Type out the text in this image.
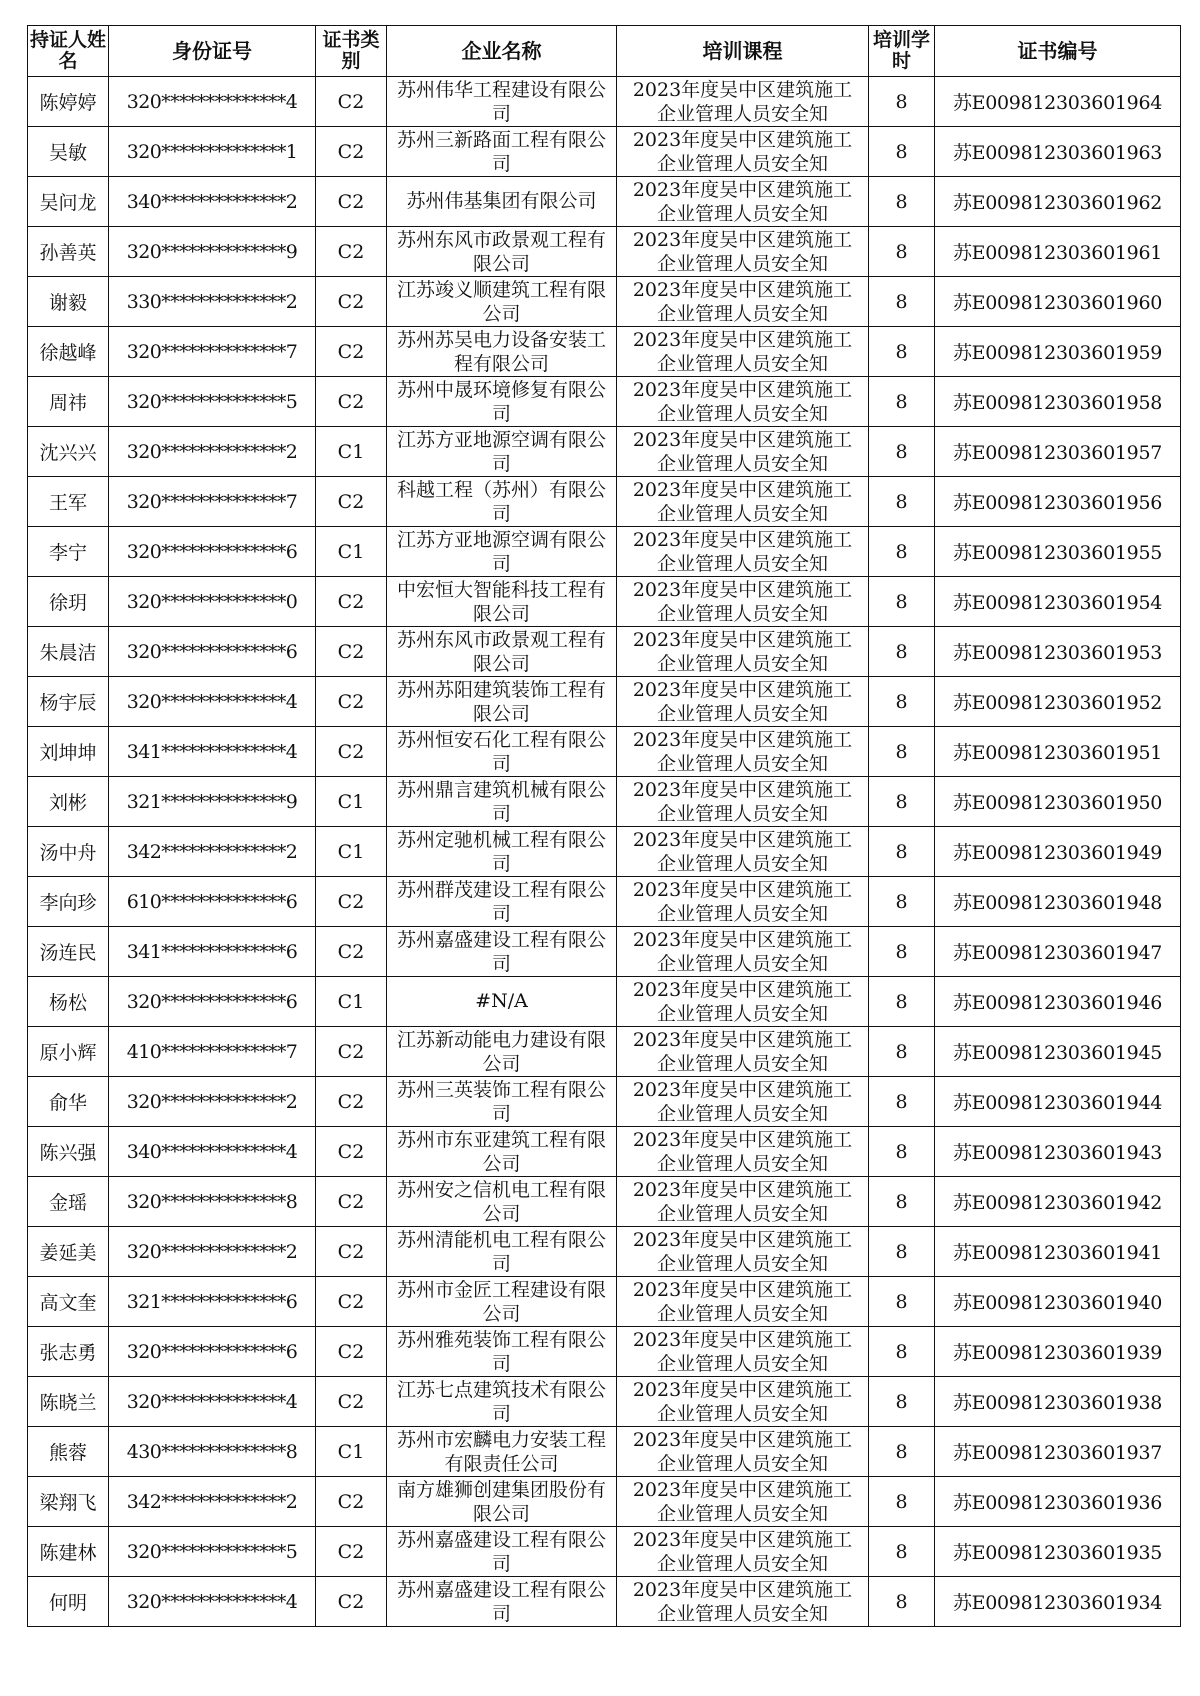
持证人姓名	身份证号	证书类别	企业名称	培训课程	培训学时	证书编号
陈婷婷	320**************4	C2	苏州伟华工程建设有限公司	2023年度吴中区建筑施工企业管理人员安全知	8	苏E009812303601964
吴敏	320**************1	C2	苏州三新路面工程有限公司	2023年度吴中区建筑施工企业管理人员安全知	8	苏E009812303601963
吴问龙	340**************2	C2	苏州伟基集团有限公司	2023年度吴中区建筑施工企业管理人员安全知	8	苏E009812303601962
孙善英	320**************9	C2	苏州东风市政景观工程有限公司	2023年度吴中区建筑施工企业管理人员安全知	8	苏E009812303601961
谢毅	330**************2	C2	江苏竣义顺建筑工程有限公司	2023年度吴中区建筑施工企业管理人员安全知	8	苏E009812303601960
徐越峰	320**************7	C2	苏州苏吴电力设备安装工程有限公司	2023年度吴中区建筑施工企业管理人员安全知	8	苏E009812303601959
周祎	320**************5	C2	苏州中晟环境修复有限公司	2023年度吴中区建筑施工企业管理人员安全知	8	苏E009812303601958
沈兴兴	320**************2	C1	江苏方亚地源空调有限公司	2023年度吴中区建筑施工企业管理人员安全知	8	苏E009812303601957
王军	320**************7	C2	科越工程（苏州）有限公司	2023年度吴中区建筑施工企业管理人员安全知	8	苏E009812303601956
李宁	320**************6	C1	江苏方亚地源空调有限公司	2023年度吴中区建筑施工企业管理人员安全知	8	苏E009812303601955
徐玥	320**************0	C2	中宏恒大智能科技工程有限公司	2023年度吴中区建筑施工企业管理人员安全知	8	苏E009812303601954
朱晨洁	320**************6	C2	苏州东风市政景观工程有限公司	2023年度吴中区建筑施工企业管理人员安全知	8	苏E009812303601953
杨宇辰	320**************4	C2	苏州苏阳建筑装饰工程有限公司	2023年度吴中区建筑施工企业管理人员安全知	8	苏E009812303601952
刘坤坤	341**************4	C2	苏州恒安石化工程有限公司	2023年度吴中区建筑施工企业管理人员安全知	8	苏E009812303601951
刘彬	321**************9	C1	苏州鼎言建筑机械有限公司	2023年度吴中区建筑施工企业管理人员安全知	8	苏E009812303601950
汤中舟	342**************2	C1	苏州定驰机械工程有限公司	2023年度吴中区建筑施工企业管理人员安全知	8	苏E009812303601949
李向珍	610**************6	C2	苏州群茂建设工程有限公司	2023年度吴中区建筑施工企业管理人员安全知	8	苏E009812303601948
汤连民	341**************6	C2	苏州嘉盛建设工程有限公司	2023年度吴中区建筑施工企业管理人员安全知	8	苏E009812303601947
杨松	320**************6	C1	#N/A	2023年度吴中区建筑施工企业管理人员安全知	8	苏E009812303601946
原小辉	410**************7	C2	江苏新动能电力建设有限公司	2023年度吴中区建筑施工企业管理人员安全知	8	苏E009812303601945
俞华	320**************2	C2	苏州三英装饰工程有限公司	2023年度吴中区建筑施工企业管理人员安全知	8	苏E009812303601944
陈兴强	340**************4	C2	苏州市东亚建筑工程有限公司	2023年度吴中区建筑施工企业管理人员安全知	8	苏E009812303601943
金瑶	320**************8	C2	苏州安之信机电工程有限公司	2023年度吴中区建筑施工企业管理人员安全知	8	苏E009812303601942
姜延美	320**************2	C2	苏州清能机电工程有限公司	2023年度吴中区建筑施工企业管理人员安全知	8	苏E009812303601941
高文奎	321**************6	C2	苏州市金匠工程建设有限公司	2023年度吴中区建筑施工企业管理人员安全知	8	苏E009812303601940
张志勇	320**************6	C2	苏州雅苑装饰工程有限公司	2023年度吴中区建筑施工企业管理人员安全知	8	苏E009812303601939
陈晓兰	320**************4	C2	江苏七点建筑技术有限公司	2023年度吴中区建筑施工企业管理人员安全知	8	苏E009812303601938
熊蓉	430**************8	C1	苏州市宏麟电力安装工程有限责任公司	2023年度吴中区建筑施工企业管理人员安全知	8	苏E009812303601937
梁翔飞	342**************2	C2	南方雄狮创建集团股份有限公司	2023年度吴中区建筑施工企业管理人员安全知	8	苏E009812303601936
陈建林	320**************5	C2	苏州嘉盛建设工程有限公司	2023年度吴中区建筑施工企业管理人员安全知	8	苏E009812303601935
何明	320**************4	C2	苏州嘉盛建设工程有限公司	2023年度吴中区建筑施工企业管理人员安全知	8	苏E009812303601934
